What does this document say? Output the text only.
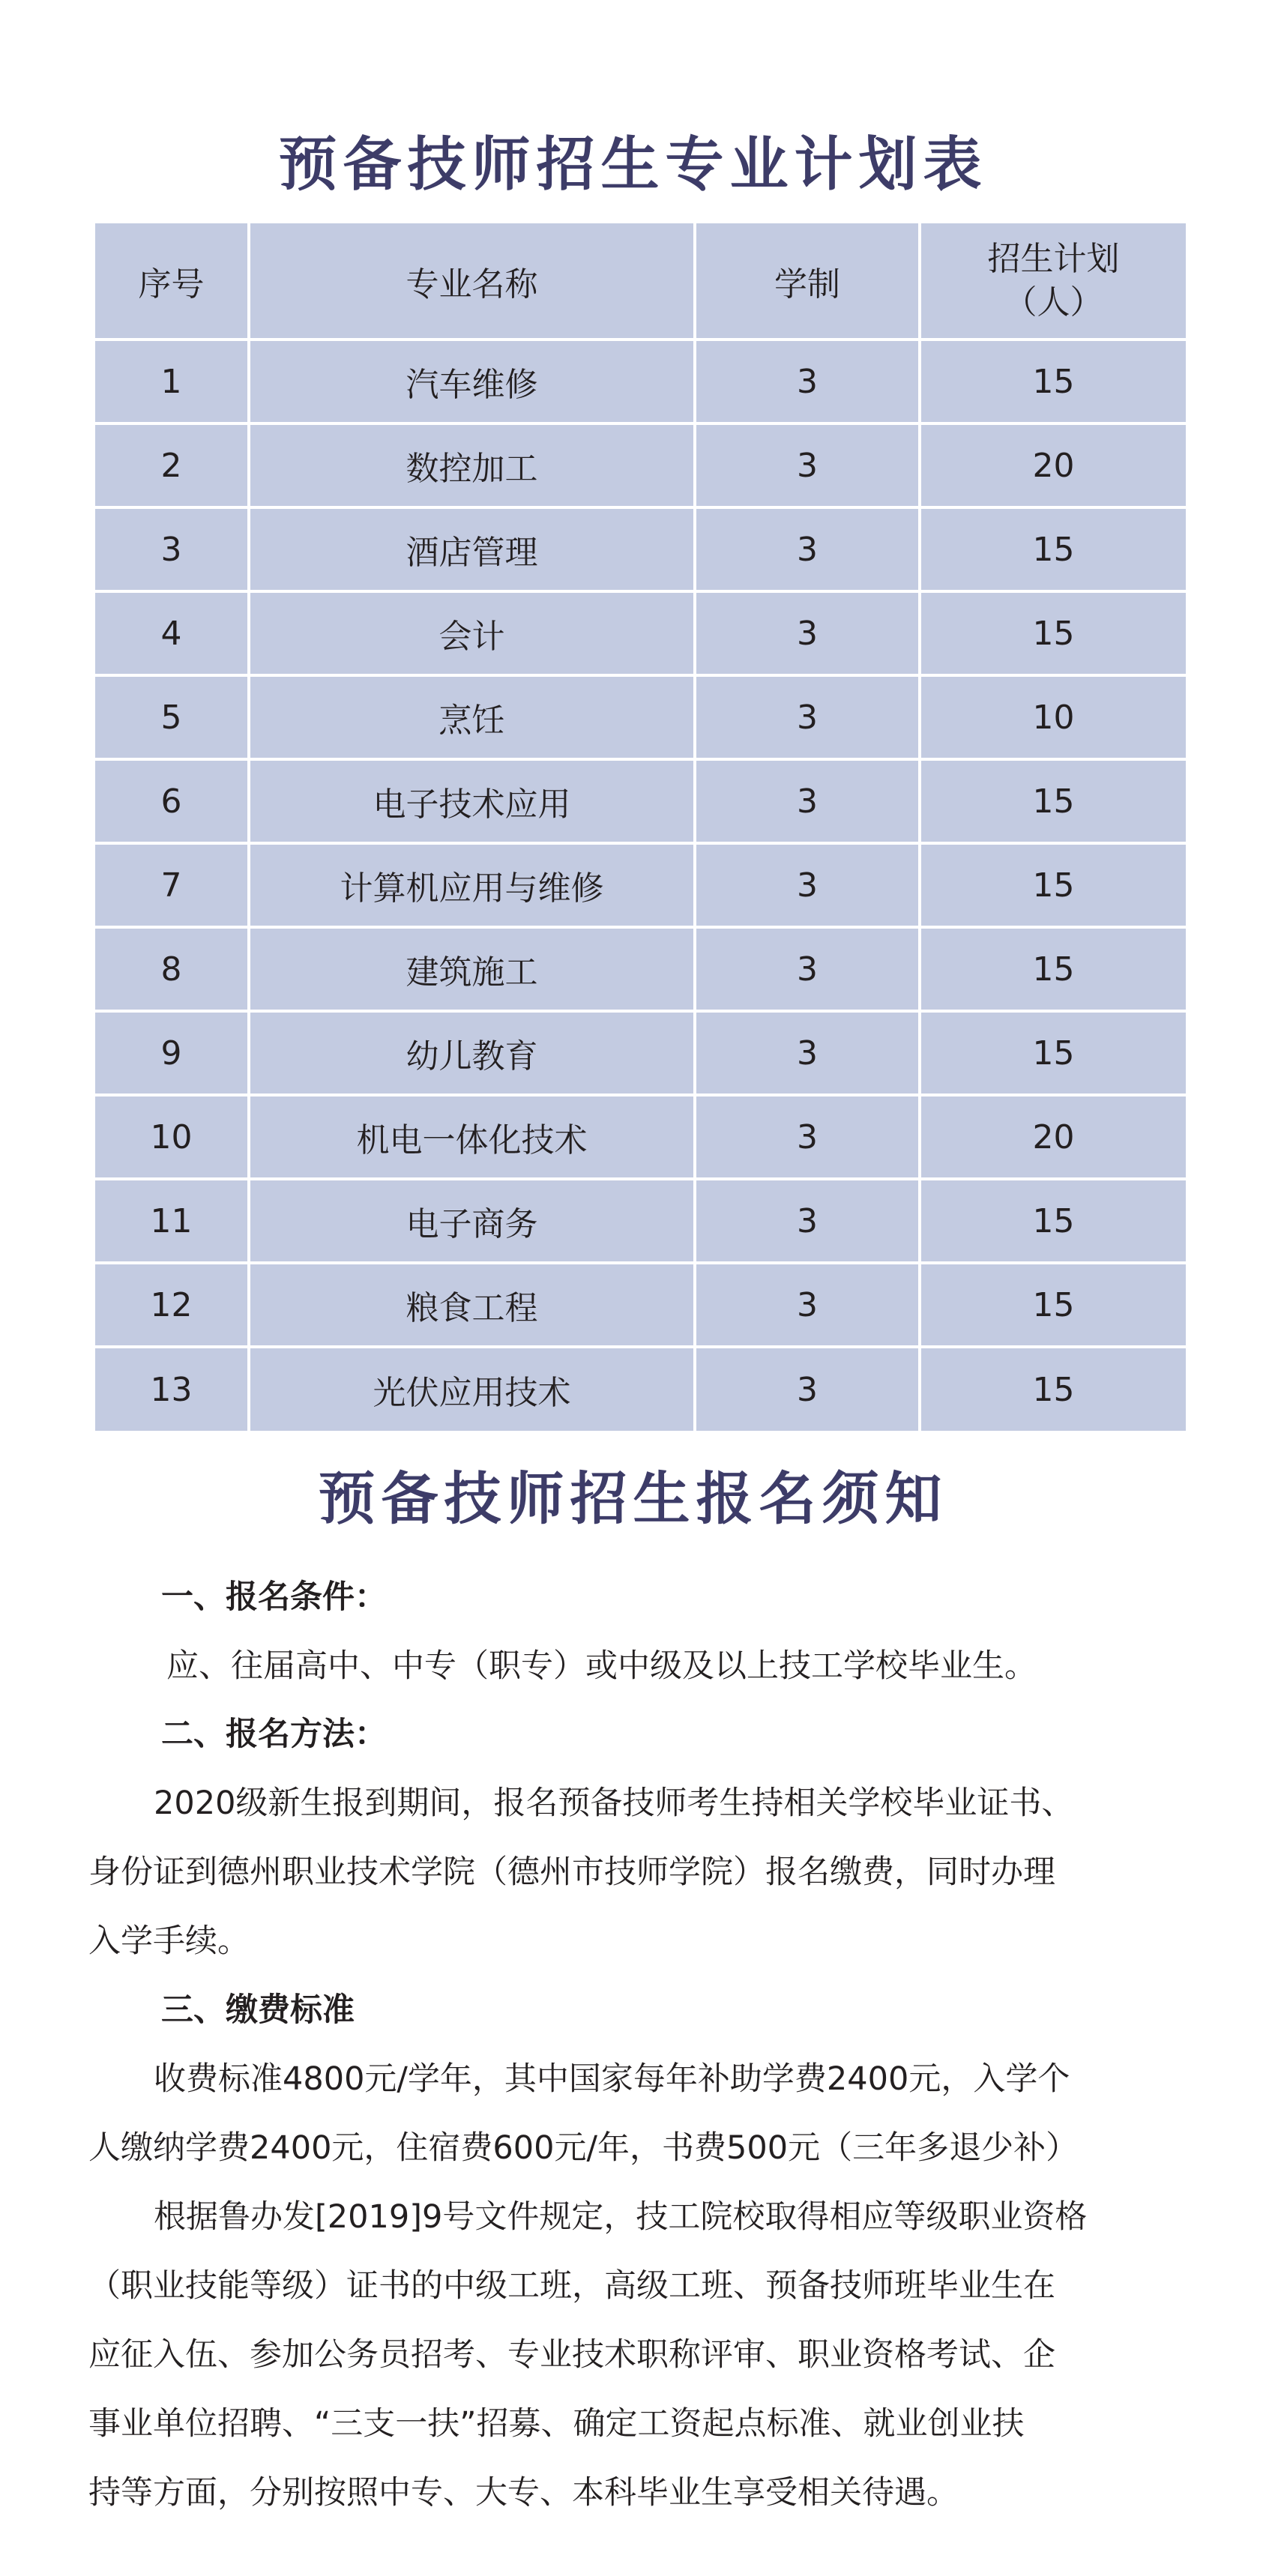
预备技师招生专业计划表
序号	专业名称	学制	招生计划
（人）

1	汽车维修	3	15
2	数控加工	3	20
3	酒店管理	3	15
4	会计	3	15
5	烹饪	3	10
6	电子技术应用	3	15
7	计算机应用与维修	3	15
8	建筑施工	3	15
9	幼儿教育	3	15
10	机电一体化技术	3	20
11	电子商务	3	15
12	粮食工程	3	15
13	光伏应用技术	3	15
预备技师招生报名须知
一、报名条件：
应、往届高中、中专（职专）或中级及以上技工学校毕业生。
二、报名方法：
2020级新生报到期间，报名预备技师考生持相关学校毕业证书、
身份证到德州职业技术学院（德州市技师学院）报名缴费，同时办理
入学手续。
三、缴费标准
收费标准4800元/学年，其中国家每年补助学费2400元，入学个
人缴纳学费2400元，住宿费600元/年，书费500元（三年多退少补）
根据鲁办发[2019]9号文件规定，技工院校取得相应等级职业资格
（职业技能等级）证书的中级工班，高级工班、预备技师班毕业生在
应征入伍、参加公务员招考、专业技术职称评审、职业资格考试、企
事业单位招聘、“三支一扶”招募、确定工资起点标准、就业创业扶
持等方面，分别按照中专、大专、本科毕业生享受相关待遇。
